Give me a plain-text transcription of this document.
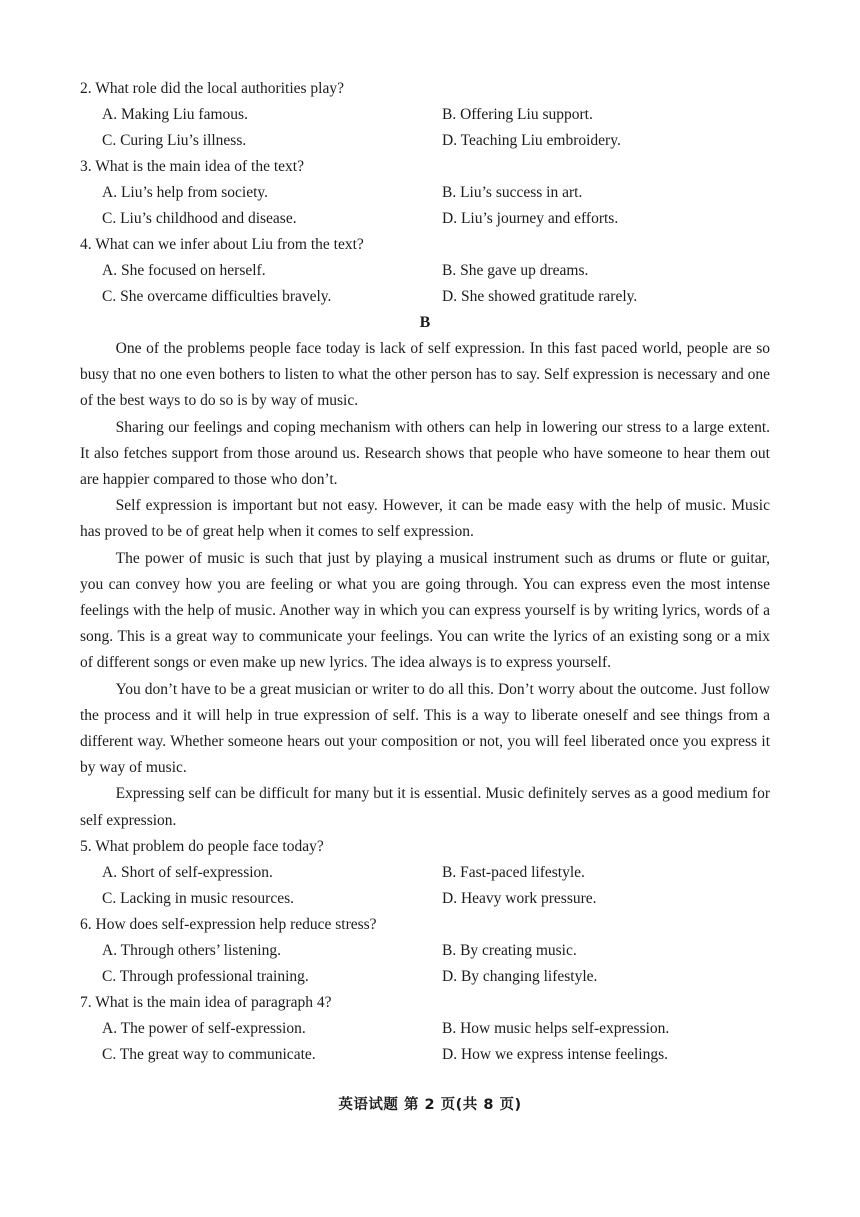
2. What role did the local authorities play?

A. Making Liu famous.	B. Offering Liu support.

C. Curing Liu’s illness.	D. Teaching Liu embroidery.

3. What is the main idea of the text?

A. Liu’s help from society.	B. Liu’s success in art.

C. Liu’s childhood and disease.	D. Liu’s journey and efforts.

4. What can we infer about Liu from the text?

A. She focused on herself.	B. She gave up dreams.

C. She overcame difficulties bravely.	D. She showed gratitude rarely.

B

One of the problems people face today is lack of self expression. In this fast paced world, people are so busy that no one even bothers to listen to what the other person has to say. Self expression is necessary and one of the best ways to do so is by way of music.

Sharing our feelings and coping mechanism with others can help in lowering our stress to a large extent. It also fetches support from those around us. Research shows that people who have someone to hear them out are happier compared to those who don’t.

Self expression is important but not easy. However, it can be made easy with the help of music. Music has proved to be of great help when it comes to self expression.

The power of music is such that just by playing a musical instrument such as drums or flute or guitar, you can convey how you are feeling or what you are going through. You can express even the most intense feelings with the help of music. Another way in which you can express yourself is by writing lyrics, words of a song. This is a great way to communicate your feelings. You can write the lyrics of an existing song or a mix of different songs or even make up new lyrics. The idea always is to express yourself.

You don’t have to be a great musician or writer to do all this. Don’t worry about the outcome. Just follow the process and it will help in true expression of self. This is a way to liberate oneself and see things from a different way. Whether someone hears out your composition or not, you will feel liberated once you express it by way of music.

Expressing self can be difficult for many but it is essential. Music definitely serves as a good medium for self expression.

5. What problem do people face today?

A. Short of self-expression.	B. Fast-paced lifestyle.

C. Lacking in music resources.	D. Heavy work pressure.

6. How does self-expression help reduce stress?

A. Through others’ listening.	B. By creating music.

C. Through professional training.	D. By changing lifestyle.

7. What is the main idea of paragraph 4?

A. The power of self-expression.	B. How music helps self-expression.

C. The great way to communicate.	D. How we express intense feelings.

英语试题 第 2 页(共 8 页)
